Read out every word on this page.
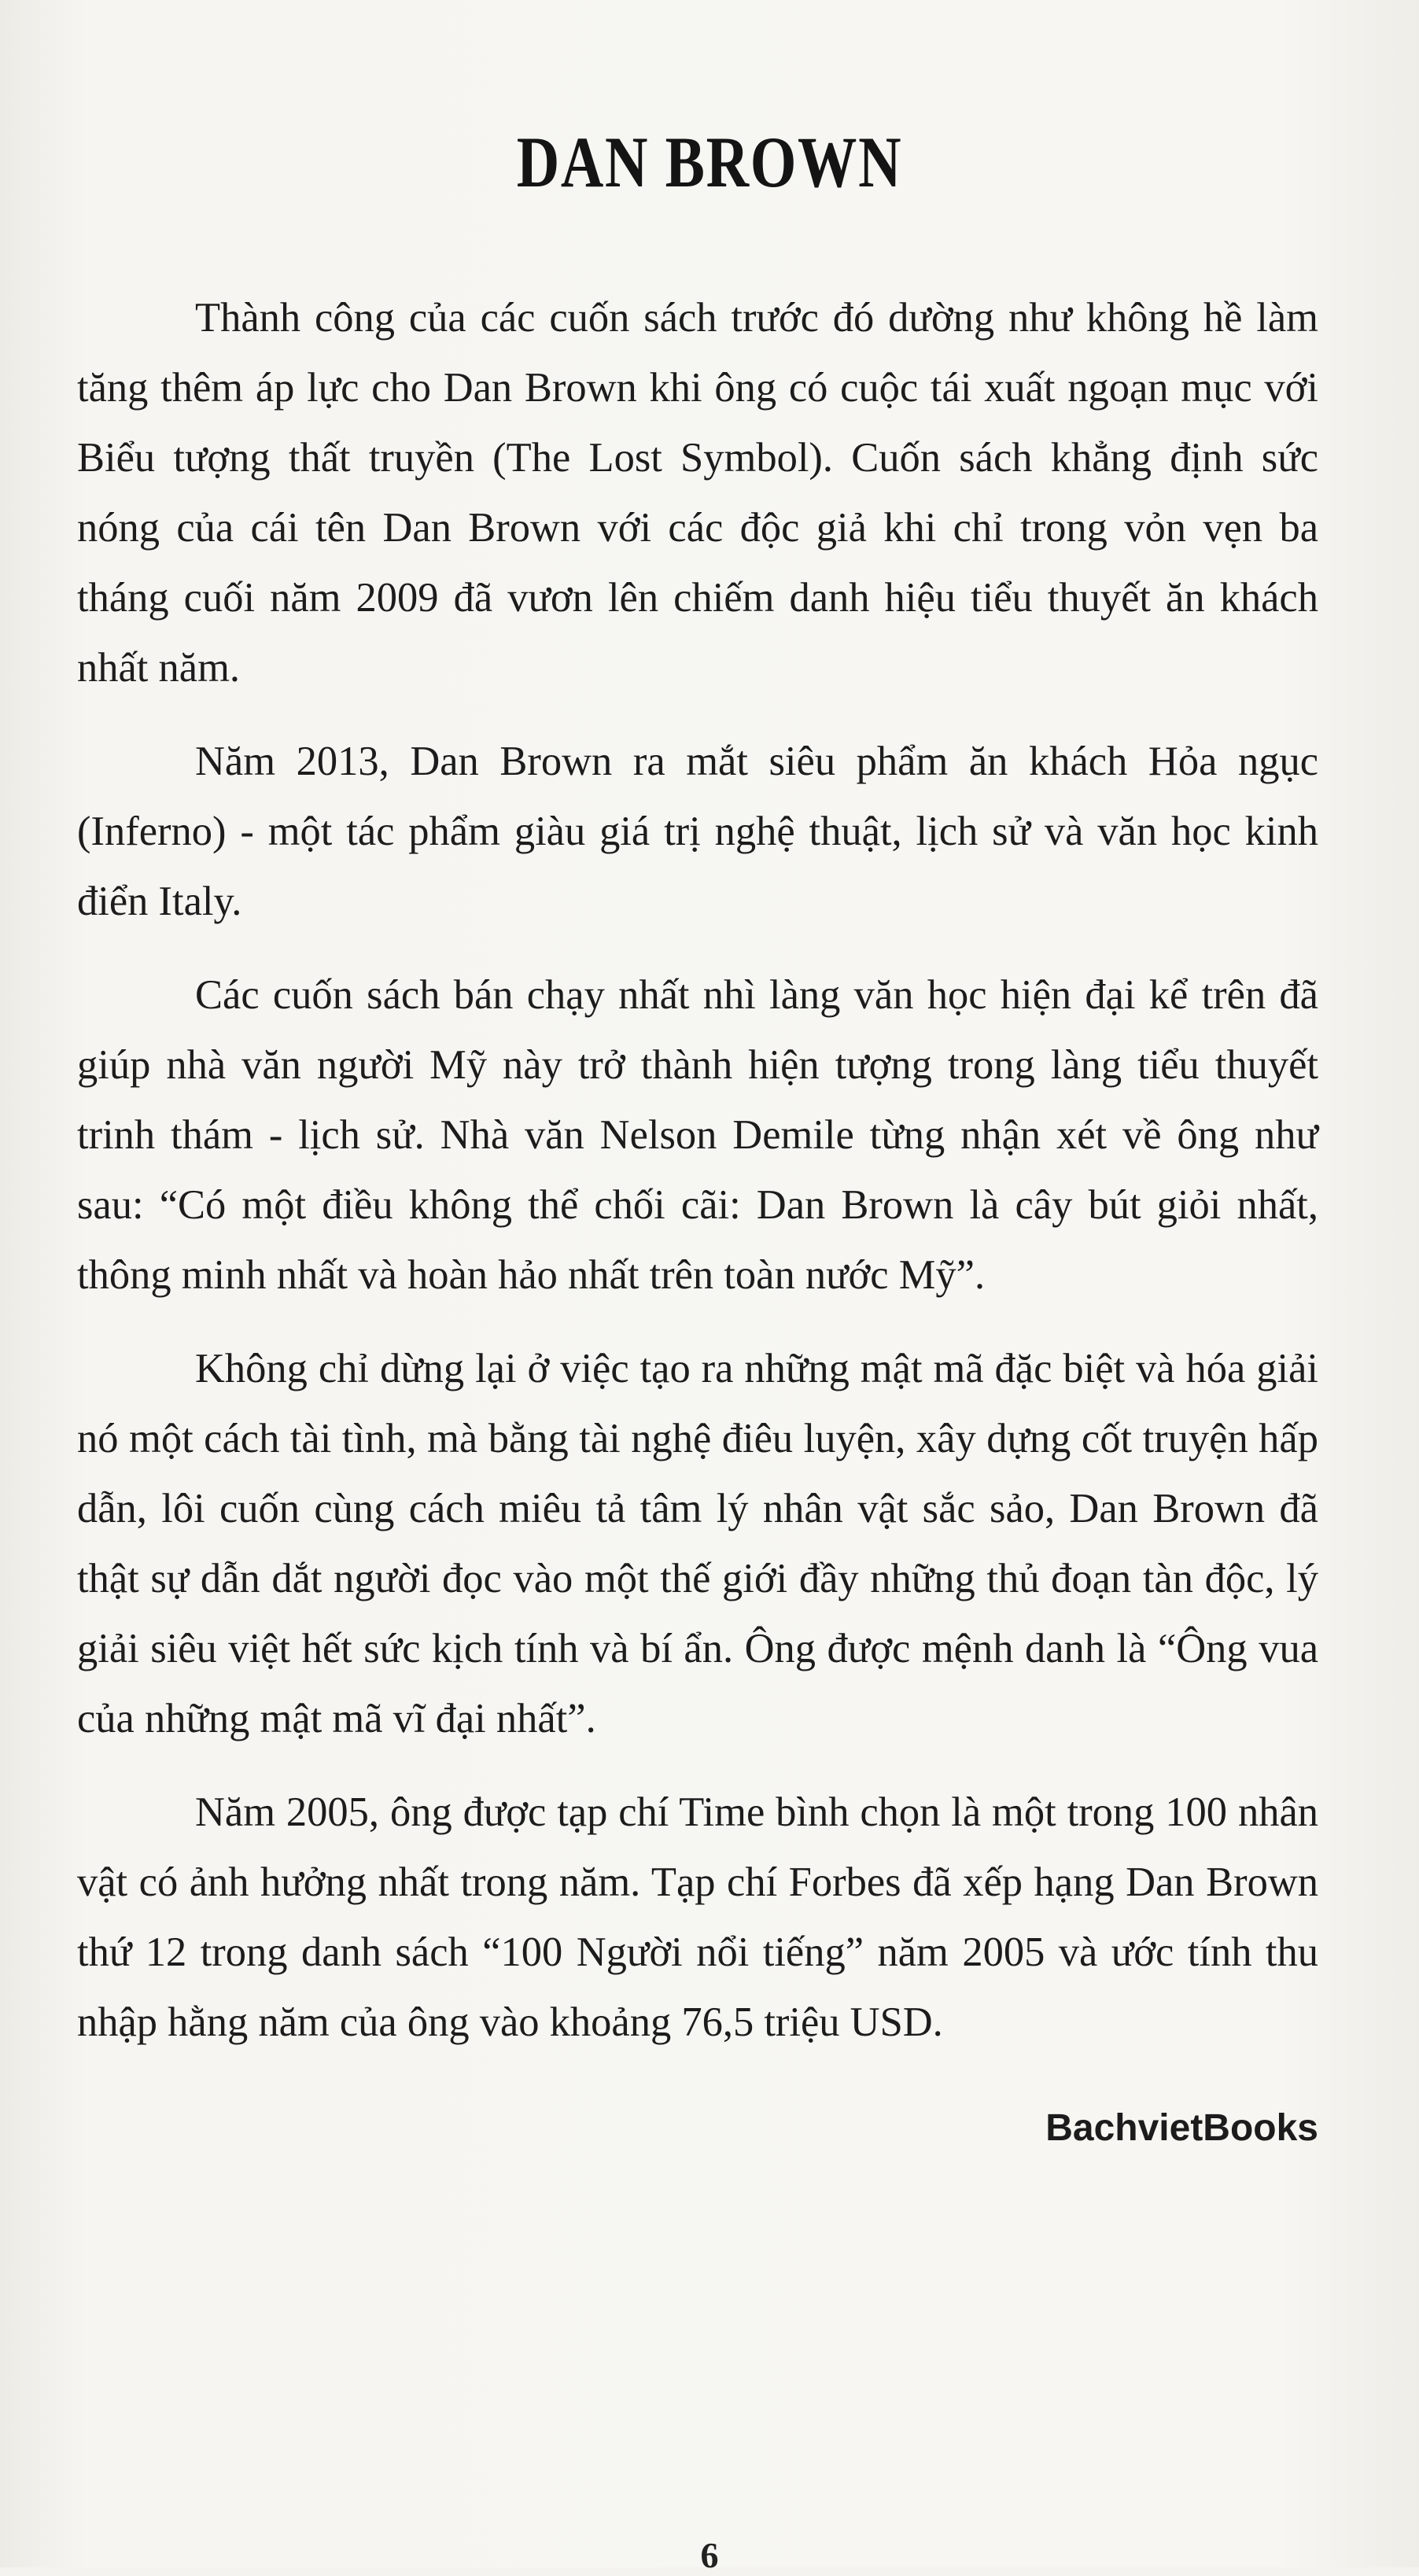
DAN BROWN

Thành công của các cuốn sách trước đó dường như không hề làm tăng thêm áp lực cho Dan Brown khi ông có cuộc tái xuất ngoạn mục với Biểu tượng thất truyền (The Lost Symbol). Cuốn sách khẳng định sức nóng của cái tên Dan Brown với các độc giả khi chỉ trong vỏn vẹn ba tháng cuối năm 2009 đã vươn lên chiếm danh hiệu tiểu thuyết ăn khách nhất năm.

Năm 2013, Dan Brown ra mắt siêu phẩm ăn khách Hỏa ngục (Inferno) - một tác phẩm giàu giá trị nghệ thuật, lịch sử và văn học kinh điển Italy.

Các cuốn sách bán chạy nhất nhì làng văn học hiện đại kể trên đã giúp nhà văn người Mỹ này trở thành hiện tượng trong làng tiểu thuyết trinh thám - lịch sử. Nhà văn Nelson Demile từng nhận xét về ông như sau: “Có một điều không thể chối cãi: Dan Brown là cây bút giỏi nhất, thông minh nhất và hoàn hảo nhất trên toàn nước Mỹ”.

Không chỉ dừng lại ở việc tạo ra những mật mã đặc biệt và hóa giải nó một cách tài tình, mà bằng tài nghệ điêu luyện, xây dựng cốt truyện hấp dẫn, lôi cuốn cùng cách miêu tả tâm lý nhân vật sắc sảo, Dan Brown đã thật sự dẫn dắt người đọc vào một thế giới đầy những thủ đoạn tàn độc, lý giải siêu việt hết sức kịch tính và bí ẩn. Ông được mệnh danh là “Ông vua của những mật mã vĩ đại nhất”.

Năm 2005, ông được tạp chí Time bình chọn là một trong 100 nhân vật có ảnh hưởng nhất trong năm. Tạp chí Forbes đã xếp hạng Dan Brown thứ 12 trong danh sách “100 Người nổi tiếng” năm 2005 và ước tính thu nhập hằng năm của ông vào khoảng 76,5 triệu USD.

BachvietBooks
6
